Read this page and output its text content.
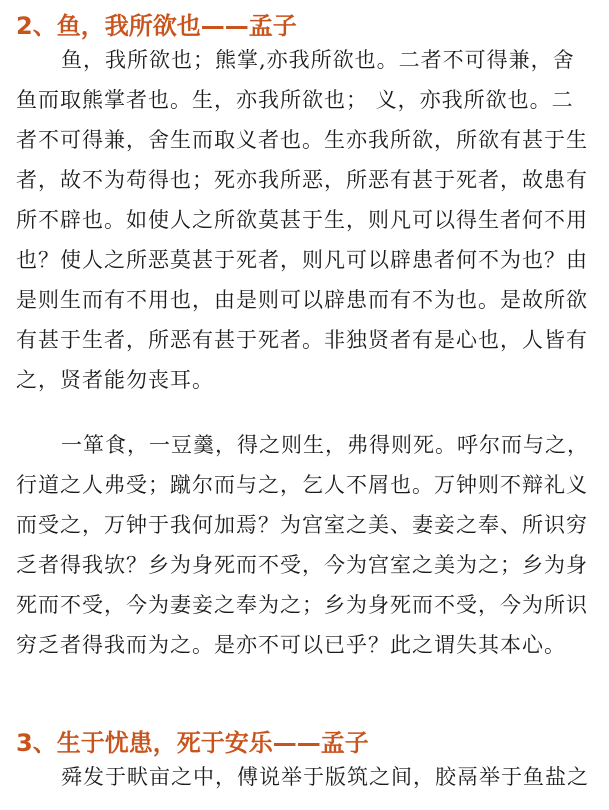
2、鱼，我所欲也——孟子
鱼，我所欲也；熊掌,亦我所欲也。二者不可得兼，舍
鱼而取熊掌者也。生，亦我所欲也； 义，亦我所欲也。二
者不可得兼，舍生而取义者也。生亦我所欲，所欲有甚于生
者，故不为苟得也；死亦我所恶，所恶有甚于死者，故患有
所不辟也。如使人之所欲莫甚于生，则凡可以得生者何不用
也？使人之所恶莫甚于死者，则凡可以辟患者何不为也？由
是则生而有不用也，由是则可以辟患而有不为也。是故所欲
有甚于生者，所恶有甚于死者。非独贤者有是心也，人皆有
之，贤者能勿丧耳。
一箪食，一豆羹，得之则生，弗得则死。呼尔而与之，
行道之人弗受；蹴尔而与之，乞人不屑也。万钟则不辩礼义
而受之，万钟于我何加焉？为宫室之美、妻妾之奉、所识穷
乏者得我欤？乡为身死而不受，今为宫室之美为之；乡为身
死而不受，今为妻妾之奉为之；乡为身死而不受，今为所识
穷乏者得我而为之。是亦不可以已乎？此之谓失其本心。
3、生于忧患，死于安乐——孟子
舜发于畎亩之中，傅说举于版筑之间，胶鬲举于鱼盐之
